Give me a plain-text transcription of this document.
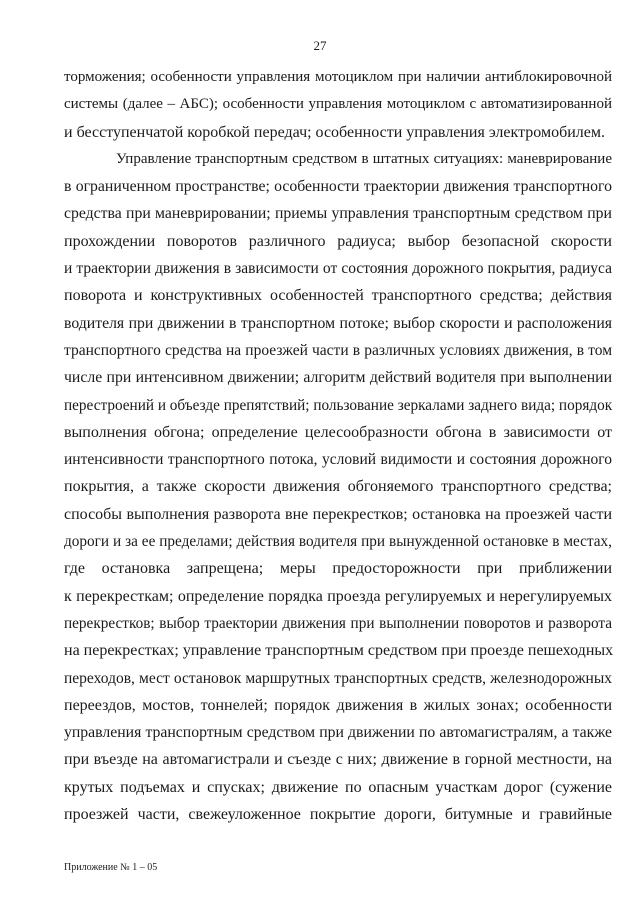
27
торможения; особенности управления мотоциклом при наличии антиблокировочной
системы (далее – АБС); особенности управления мотоциклом с автоматизированной
и бесступенчатой коробкой передач; особенности управления электромобилем.
Управление транспортным средством в штатных ситуациях: маневрирование
в ограниченном пространстве; особенности траектории движения транспортного
средства при маневрировании; приемы управления транспортным средством при
прохождении поворотов различного радиуса; выбор безопасной скорости
и траектории движения в зависимости от состояния дорожного покрытия, радиуса
поворота и конструктивных особенностей транспортного средства; действия
водителя при движении в транспортном потоке; выбор скорости и расположения
транспортного средства на проезжей части в различных условиях движения, в том
числе при интенсивном движении; алгоритм действий водителя при выполнении
перестроений и объезде препятствий; пользование зеркалами заднего вида; порядок
выполнения обгона; определение целесообразности обгона в зависимости от
интенсивности транспортного потока, условий видимости и состояния дорожного
покрытия, а также скорости движения обгоняемого транспортного средства;
способы выполнения разворота вне перекрестков; остановка на проезжей части
дороги и за ее пределами; действия водителя при вынужденной остановке в местах,
где остановка запрещена; меры предосторожности при приближении
к перекресткам; определение порядка проезда регулируемых и нерегулируемых
перекрестков; выбор траектории движения при выполнении поворотов и разворота
на перекрестках; управление транспортным средством при проезде пешеходных
переходов, мест остановок маршрутных транспортных средств, железнодорожных
переездов, мостов, тоннелей; порядок движения в жилых зонах; особенности
управления транспортным средством при движении по автомагистралям, а также
при въезде на автомагистрали и съезде с них; движение в горной местности, на
крутых подъемах и спусках; движение по опасным участкам дорог (сужение
проезжей части, свежеуложенное покрытие дороги, битумные и гравийные
Приложение № 1 – 05
